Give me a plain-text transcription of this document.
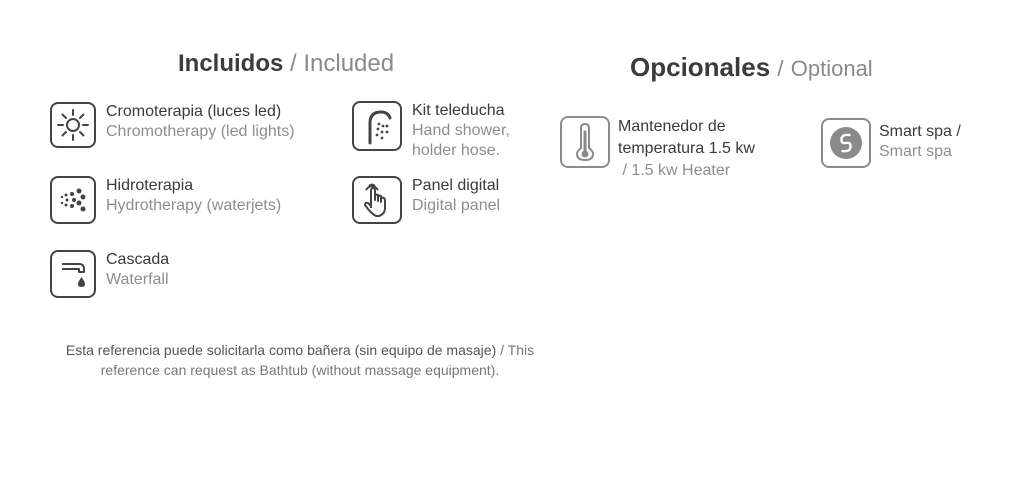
Incluidos / Included	Opcionales / Optional
Cromoterapia (luces led)
Chromotherapy (led lights)
Kit teleducha
Hand shower,
holder hose.
Hidroterapia
Hydrotherapy (waterjets)
Panel digital
Digital panel
Cascada
Waterfall
Esta referencia puede solicitarla como bañera (sin equipo de masaje) / This reference can request as Bathtub (without massage equipment).
Mantenedor de
temperatura 1.5 kw
/ 1.5 kw Heater
Smart spa /
Smart spa
